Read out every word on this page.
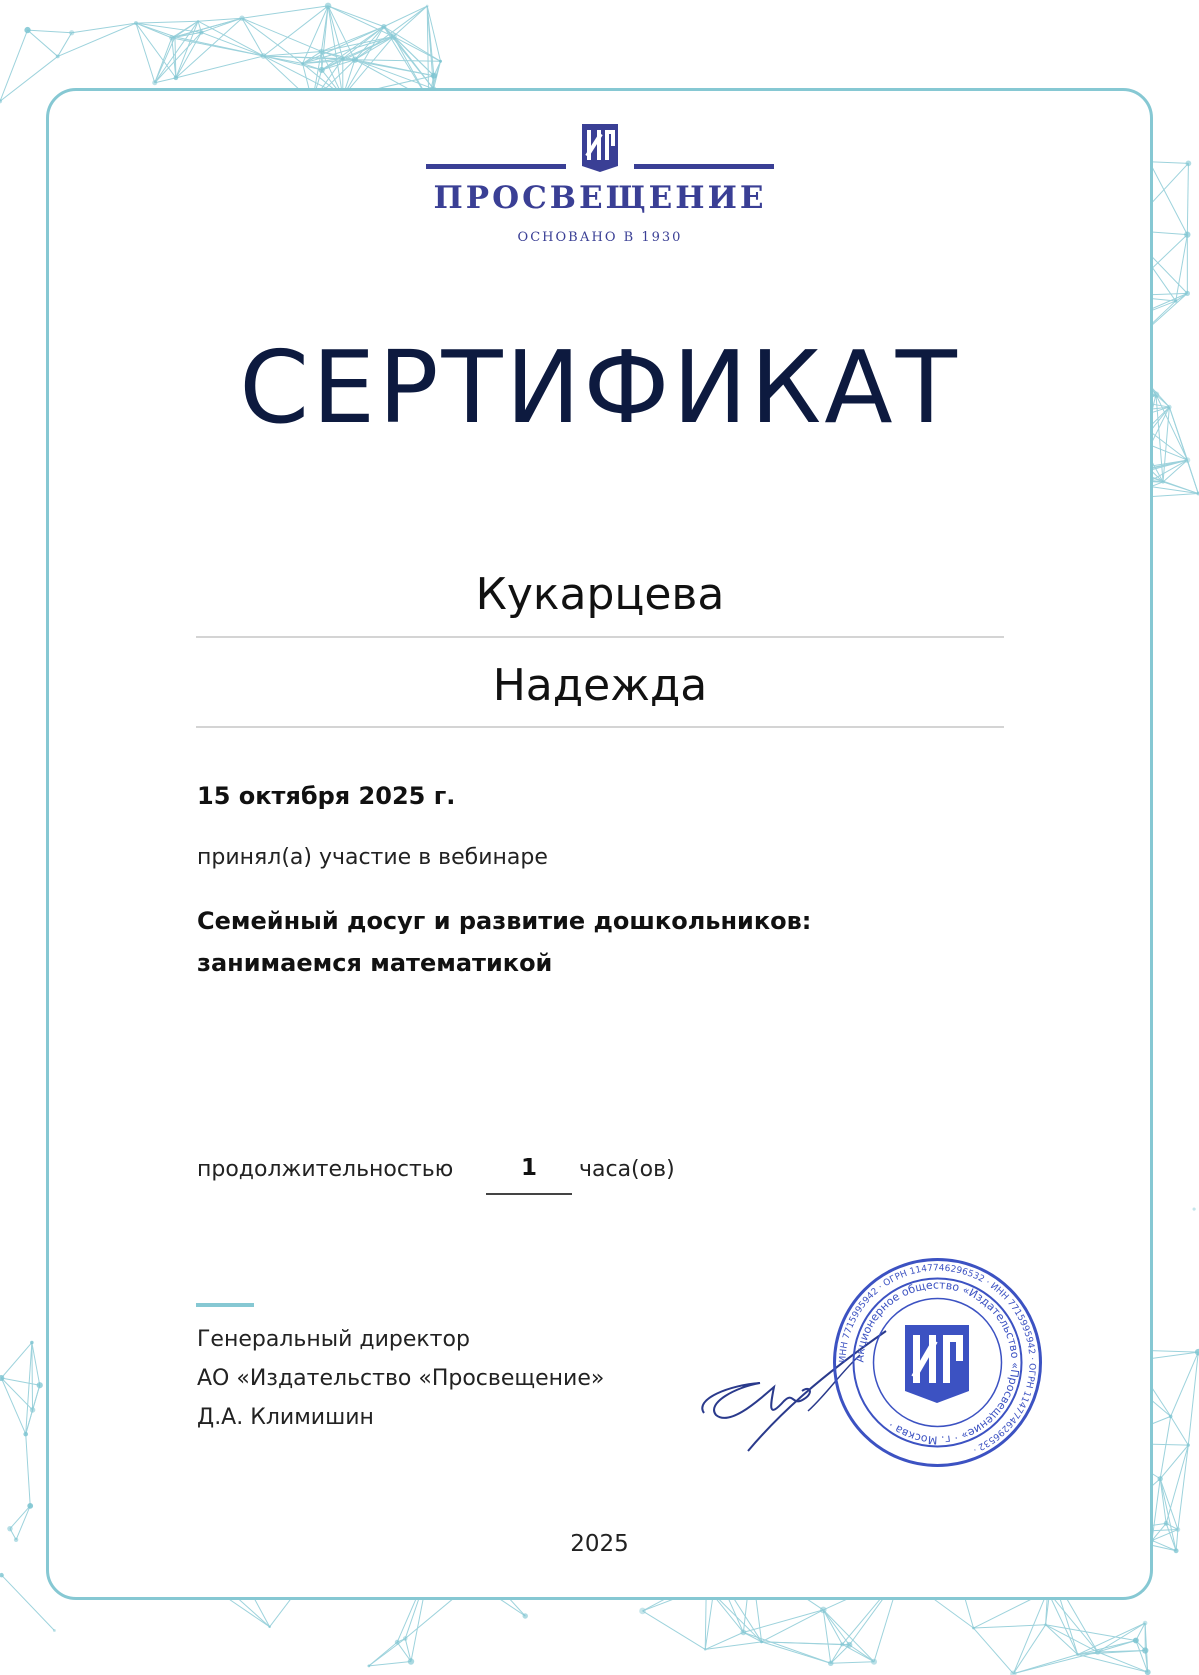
ПРОСВЕЩЕНИЕ
ОСНОВАНО В 1930
СЕРТИФИКАТ
Кукарцева
Надежда
15 октября 2025 г.
принял(а) участие в вебинаре
Семейный досуг и развитие дошкольников:
занимаемся математикой
продолжительностью	1	часа(ов)
Генеральный директор
АО «Издательство «Просвещение»
Д.А. Климишин
ИНН 7715995942 · ОГРН 1147746296532 · ИНН 7715995942 · ОГРН 1147746296532 ·
Акционерное общество «Издательство «Просвещение» · г. Москва ·
2025
